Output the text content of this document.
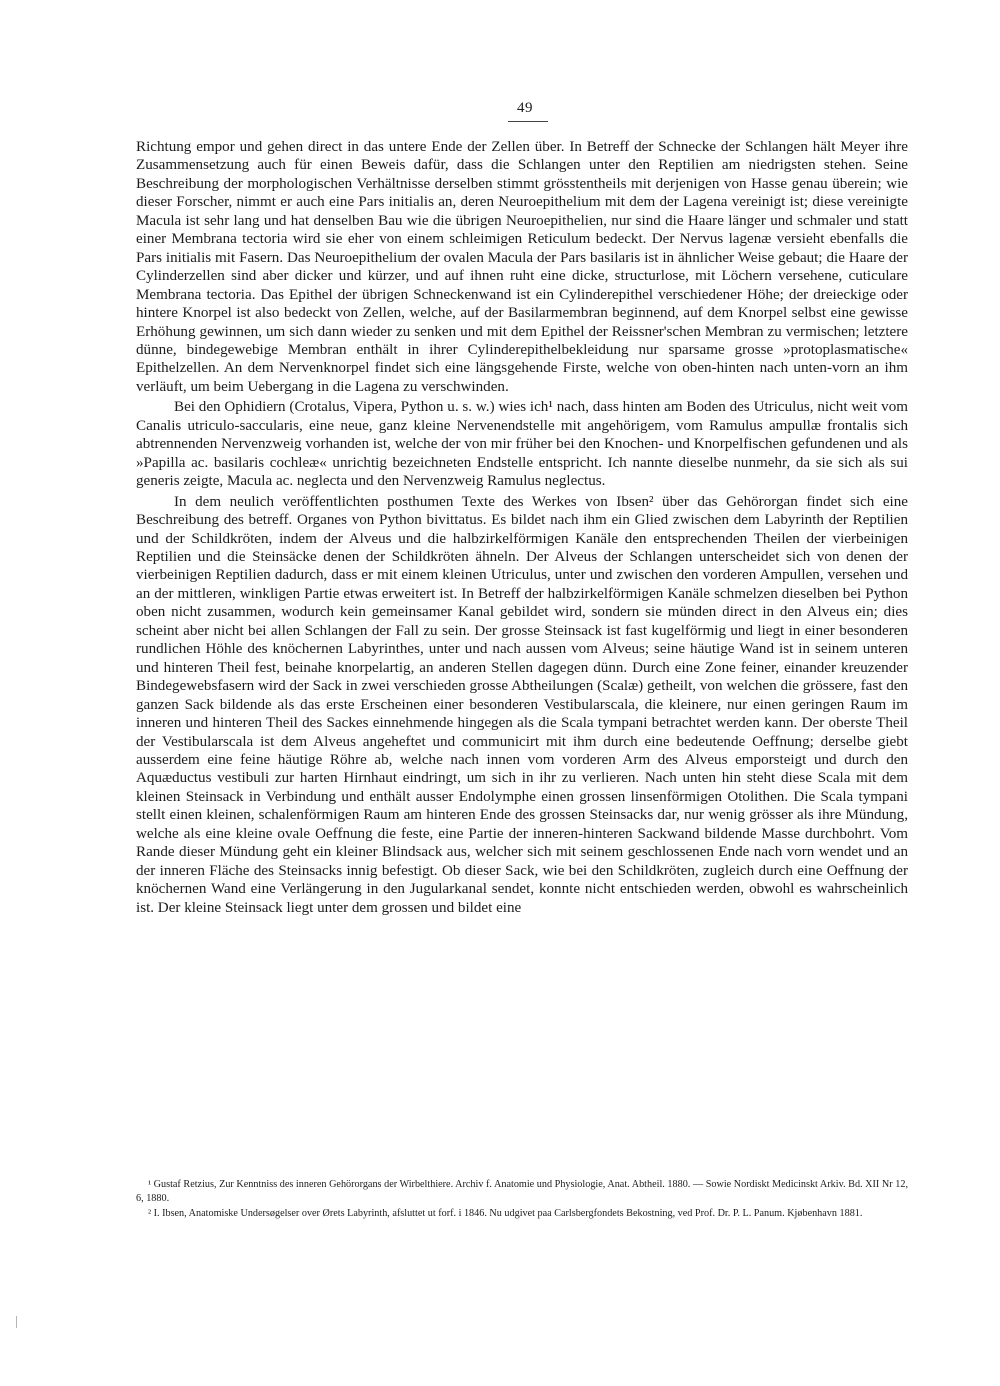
49

Richtung empor und gehen direct in das untere Ende der Zellen über. In Betreff der Schnecke der Schlangen hält Meyer ihre Zusammensetzung auch für einen Beweis dafür, dass die Schlangen unter den Reptilien am niedrigsten stehen. Seine Beschreibung der morphologischen Verhältnisse derselben stimmt grösstentheils mit derjenigen von Hasse genau überein; wie dieser Forscher, nimmt er auch eine Pars initialis an, deren Neuroepithelium mit dem der Lagena vereinigt ist; diese vereinigte Macula ist sehr lang und hat denselben Bau wie die übrigen Neuroepithelien, nur sind die Haare länger und schmaler und statt einer Membrana tectoria wird sie eher von einem schleimigen Reticulum bedeckt. Der Nervus lagenæ versieht ebenfalls die Pars initialis mit Fasern. Das Neuroepithelium der ovalen Macula der Pars basilaris ist in ähnlicher Weise gebaut; die Haare der Cylinderzellen sind aber dicker und kürzer, und auf ihnen ruht eine dicke, structurlose, mit Löchern versehene, cuticulare Membrana tectoria. Das Epithel der übrigen Schneckenwand ist ein Cylinderepithel verschiedener Höhe; der dreieckige oder hintere Knorpel ist also bedeckt von Zellen, welche, auf der Basilarmembran beginnend, auf dem Knorpel selbst eine gewisse Erhöhung gewinnen, um sich dann wieder zu senken und mit dem Epithel der Reissner'schen Membran zu vermischen; letztere dünne, bindegewebige Membran enthält in ihrer Cylinderepithelbekleidung nur sparsame grosse »protoplasmatische« Epithelzellen. An dem Nervenknorpel findet sich eine längsgehende Firste, welche von oben-hinten nach unten-vorn an ihm verläuft, um beim Uebergang in die Lagena zu verschwinden.

Bei den Ophidiern (Crotalus, Vipera, Python u. s. w.) wies ich¹ nach, dass hinten am Boden des Utriculus, nicht weit vom Canalis utriculo-saccularis, eine neue, ganz kleine Nervenendstelle mit angehörigem, vom Ramulus ampullæ frontalis sich abtrennenden Nervenzweig vorhanden ist, welche der von mir früher bei den Knochen- und Knorpelfischen gefundenen und als »Papilla ac. basilaris cochleæ« unrichtig bezeichneten Endstelle entspricht. Ich nannte dieselbe nunmehr, da sie sich als sui generis zeigte, Macula ac. neglecta und den Nervenzweig Ramulus neglectus.

In dem neulich veröffentlichten posthumen Texte des Werkes von Ibsen² über das Gehörorgan findet sich eine Beschreibung des betreff. Organes von Python bivittatus. Es bildet nach ihm ein Glied zwischen dem Labyrinth der Reptilien und der Schildkröten, indem der Alveus und die halbzirkelförmigen Kanäle den entsprechenden Theilen der vierbeinigen Reptilien und die Steinsäcke denen der Schildkröten ähneln. Der Alveus der Schlangen unterscheidet sich von denen der vierbeinigen Reptilien dadurch, dass er mit einem kleinen Utriculus, unter und zwischen den vorderen Ampullen, versehen und an der mittleren, winkligen Partie etwas erweitert ist. In Betreff der halbzirkelförmigen Kanäle schmelzen dieselben bei Python oben nicht zusammen, wodurch kein gemeinsamer Kanal gebildet wird, sondern sie münden direct in den Alveus ein; dies scheint aber nicht bei allen Schlangen der Fall zu sein. Der grosse Steinsack ist fast kugelförmig und liegt in einer besonderen rundlichen Höhle des knöchernen Labyrinthes, unter und nach aussen vom Alveus; seine häutige Wand ist in seinem unteren und hinteren Theil fest, beinahe knorpelartig, an anderen Stellen dagegen dünn. Durch eine Zone feiner, einander kreuzender Bindegewebsfasern wird der Sack in zwei verschieden grosse Abtheilungen (Scalæ) getheilt, von welchen die grössere, fast den ganzen Sack bildende als das erste Erscheinen einer besonderen Vestibularscala, die kleinere, nur einen geringen Raum im inneren und hinteren Theil des Sackes einnehmende hingegen als die Scala tympani betrachtet werden kann. Der oberste Theil der Vestibularscala ist dem Alveus angeheftet und communicirt mit ihm durch eine bedeutende Oeffnung; derselbe giebt ausserdem eine feine häutige Röhre ab, welche nach innen vom vorderen Arm des Alveus emporsteigt und durch den Aquæductus vestibuli zur harten Hirnhaut eindringt, um sich in ihr zu verlieren. Nach unten hin steht diese Scala mit dem kleinen Steinsack in Verbindung und enthält ausser Endolymphe einen grossen linsenförmigen Otolithen. Die Scala tympani stellt einen kleinen, schalenförmigen Raum am hinteren Ende des grossen Steinsacks dar, nur wenig grösser als ihre Mündung, welche als eine kleine ovale Oeffnung die feste, eine Partie der inneren-hinteren Sackwand bildende Masse durchbohrt. Vom Rande dieser Mündung geht ein kleiner Blindsack aus, welcher sich mit seinem geschlossenen Ende nach vorn wendet und an der inneren Fläche des Steinsacks innig befestigt. Ob dieser Sack, wie bei den Schildkröten, zugleich durch eine Oeffnung der knöchernen Wand eine Verlängerung in den Jugularkanal sendet, konnte nicht entschieden werden, obwohl es wahrscheinlich ist. Der kleine Steinsack liegt unter dem grossen und bildet eine

¹ Gustaf Retzius, Zur Kenntniss des inneren Gehörorgans der Wirbelthiere. Archiv f. Anatomie und Physiologie, Anat. Abtheil. 1880. — Sowie Nordiskt Medicinskt Arkiv. Bd. XII Nr 12, 6, 1880.

² I. Ibsen, Anatomiske Undersøgelser over Ørets Labyrinth, afsluttet ut forf. i 1846. Nu udgivet paa Carlsbergfondets Bekostning, ved Prof. Dr. P. L. Panum. Kjøbenhavn 1881.
